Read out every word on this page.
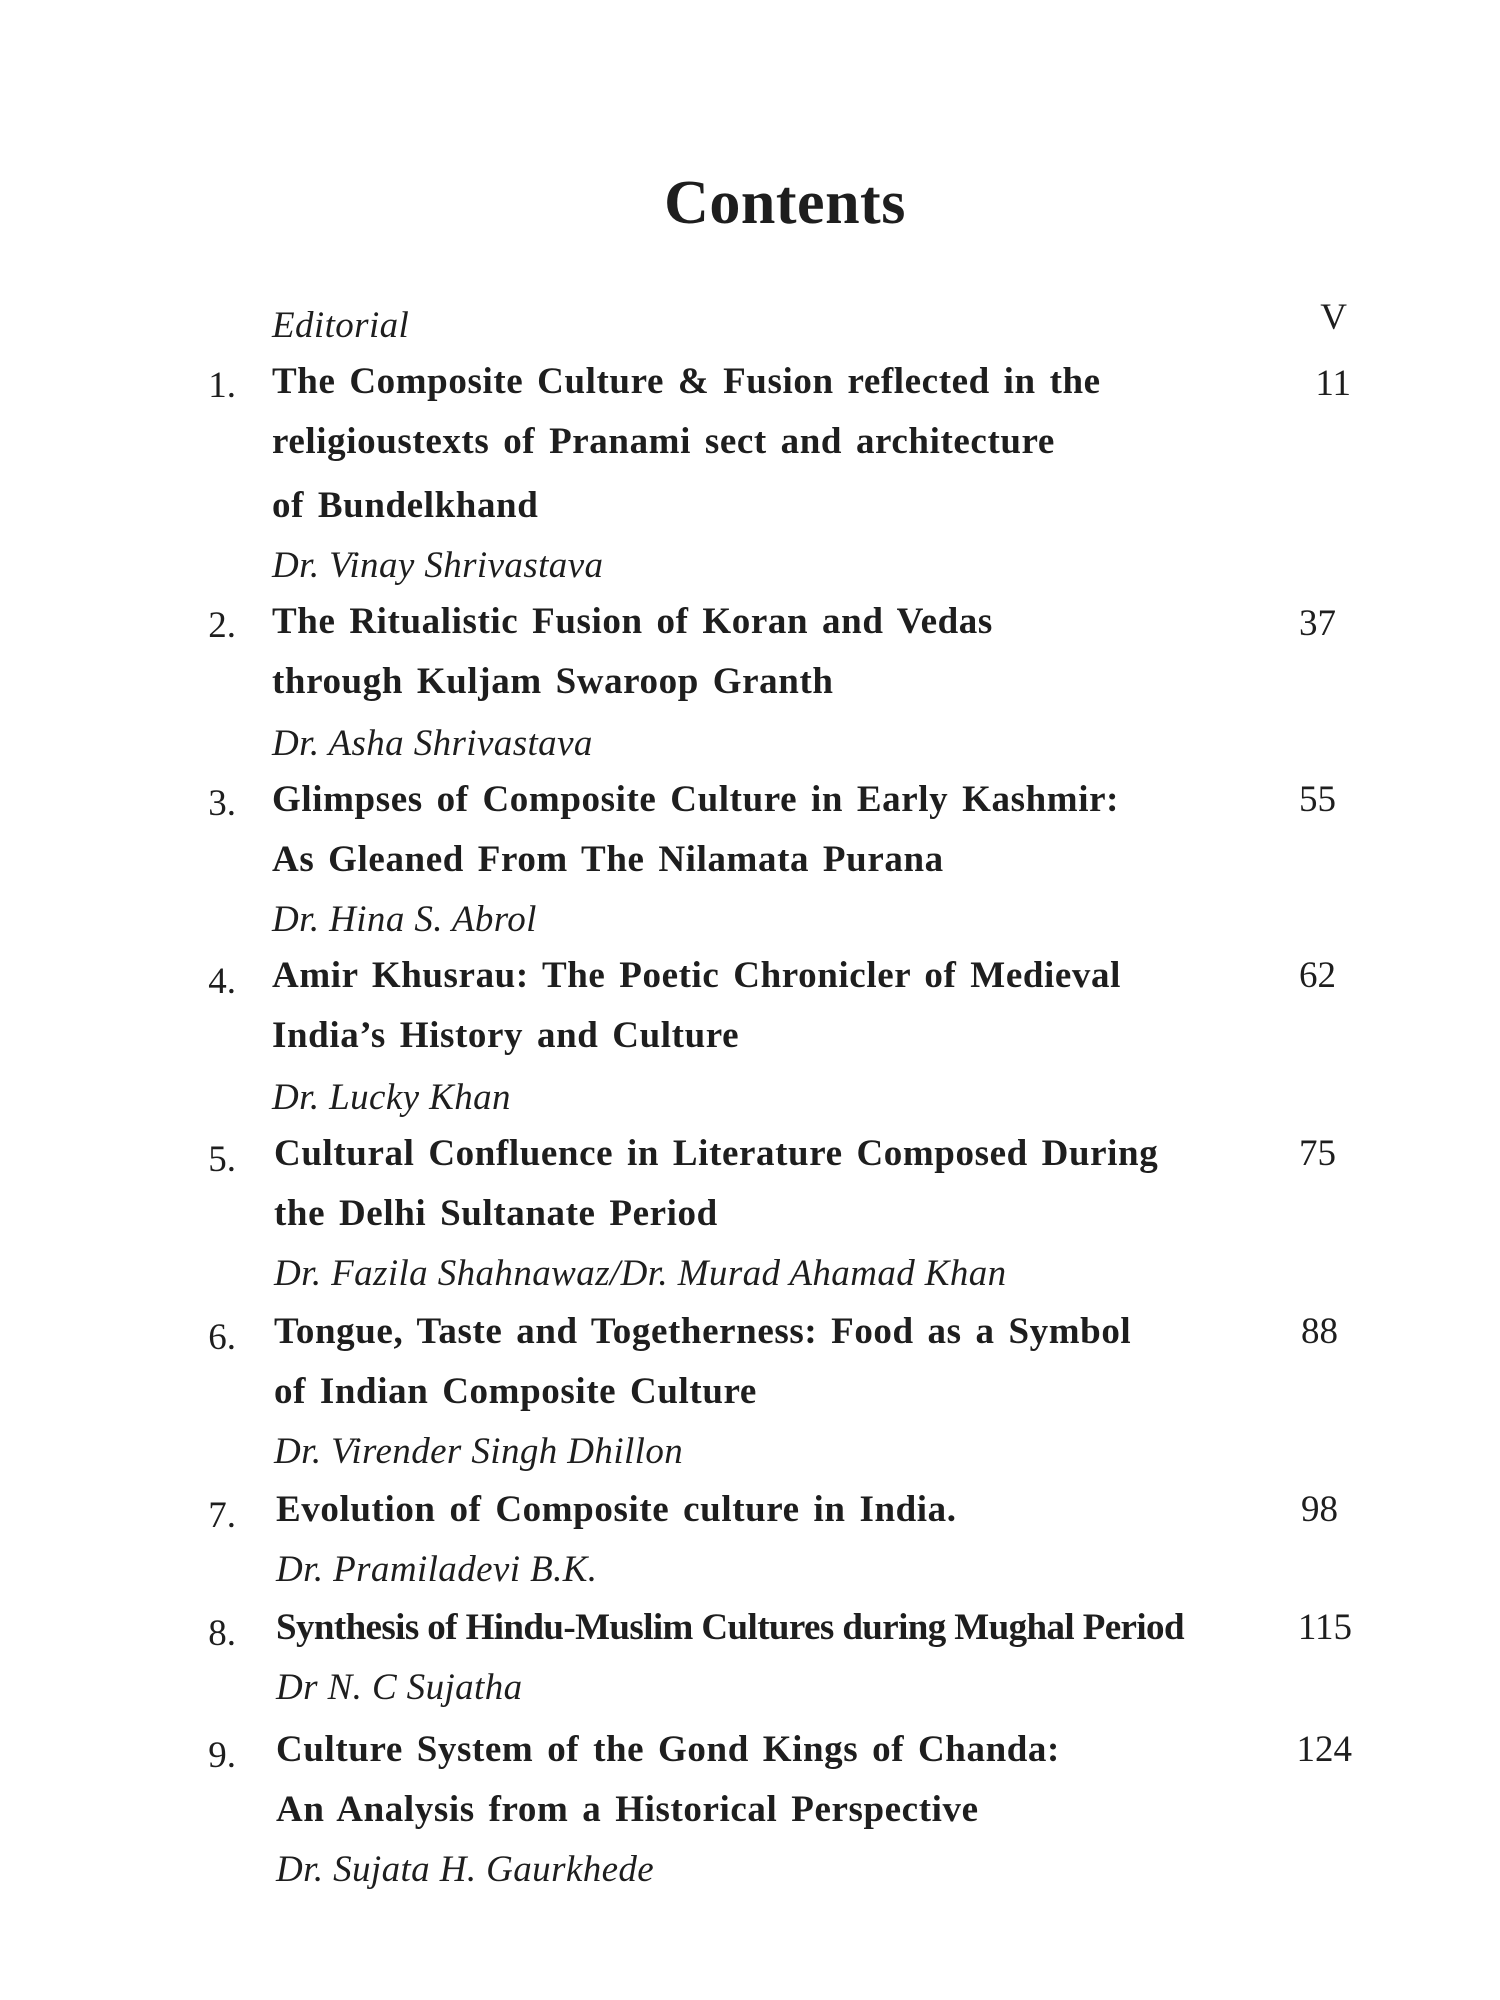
Contents
Editorial	V
1. The Composite Culture & Fusion reflected in the
religioustexts of Pranami sect and architecture
of Bundelkhand
Dr. Vinay Shrivastava
11
2. The Ritualistic Fusion of Koran and Vedas
through Kuljam Swaroop Granth
Dr. Asha Shrivastava
37
3. Glimpses of Composite Culture in Early Kashmir:
As Gleaned From The Nilamata Purana
Dr. Hina S. Abrol
55
4. Amir Khusrau: The Poetic Chronicler of Medieval
India’s History and Culture
Dr. Lucky Khan
62
5. Cultural Confluence in Literature Composed During
the Delhi Sultanate Period
Dr. Fazila Shahnawaz/Dr. Murad Ahamad Khan
75
6. Tongue, Taste and Togetherness: Food as a Symbol
of Indian Composite Culture
Dr. Virender Singh Dhillon
88
7. Evolution of Composite culture in India.
Dr. Pramiladevi B.K.
98
8. Synthesis of Hindu-Muslim Cultures during Mughal Period
Dr N. C Sujatha
115
9. Culture System of the Gond Kings of Chanda:
An Analysis from a Historical Perspective
Dr. Sujata H. Gaurkhede
124
